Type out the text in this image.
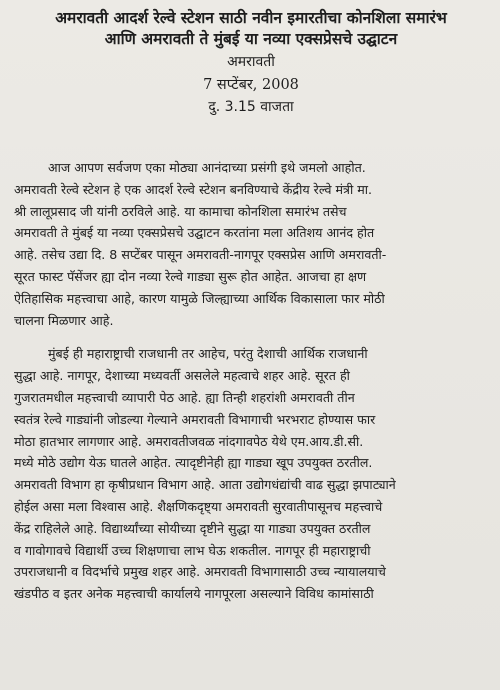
अमरावती आदर्श रेल्वे स्टेशन साठी नवीन इमारतीचा कोनशिला समारंभ

आणि अमरावती ते मुंबई या नव्या एक्सप्रेसचे उद्घाटन

अमरावती

7 सप्टेंबर, 2008

दु. 3.15 वाजता

आज आपण सर्वजण एका मोठ्या आनंदाच्या प्रसंगी इथे जमलो आहोत.
अमरावती रेल्वे स्टेशन हे एक आदर्श रेल्वे स्टेशन बनविण्याचे केंद्रीय रेल्वे मंत्री मा.
श्री लालूप्रसाद जी यांनी ठरविले आहे. या कामाचा कोनशिला समारंभ तसेच
अमरावती ते मुंबई या नव्या एक्सप्रेसचे उद्घाटन करतांना मला अतिशय आनंद होत
आहे. तसेच उद्या दि. 8 सप्टेंबर पासून अमरावती-नागपूर एक्सप्रेस आणि अमरावती-
सूरत फास्ट पॅसेंजर ह्या दोन नव्या रेल्वे गाड्या सुरू होत आहेत. आजचा हा क्षण
ऐतिहासिक महत्त्वाचा आहे, कारण यामुळे जिल्ह्याच्या आर्थिक विकासाला फार मोठी
चालना मिळणार आहे.
मुंबई ही महाराष्ट्राची राजधानी तर आहेच, परंतु देशाची आर्थिक राजधानी
सुद्धा आहे. नागपूर, देशाच्या मध्यवर्ती असलेले महत्वाचे शहर आहे. सूरत ही
गुजरातमधील महत्त्वाची व्यापारी पेठ आहे. ह्या तिन्ही शहरांशी अमरावती तीन
स्वतंत्र रेल्वे गाड्यांनी जोडल्या गेल्याने अमरावती विभागाची भरभराट होण्यास फार
मोठा हातभार लागणार आहे. अमरावतीजवळ नांदगावपेठ येथे एम.आय.डी.सी.
मध्ये मोठे उद्योग येऊ घातले आहेत. त्यादृष्टीनेही ह्या गाड्या खूप उपयुक्त ठरतील.
अमरावती विभाग हा कृषीप्रधान विभाग आहे. आता उद्योगधंद्यांची वाढ सुद्धा झपाट्याने
होईल असा मला विश्वास आहे. शैक्षणिकदृष्ट्या अमरावती सुरवातीपासूनच महत्त्वाचे
केंद्र राहिलेले आहे. विद्यार्थ्यांच्या सोयीच्या दृष्टीने सुद्धा या गाड्या उपयुक्त ठरतील
व गावोगावचे विद्यार्थी उच्च शिक्षणाचा लाभ घेऊ शकतील. नागपूर ही महाराष्ट्राची
उपराजधानी व विदर्भाचे प्रमुख शहर आहे. अमरावती विभागासाठी उच्च न्यायालयाचे
खंडपीठ व इतर अनेक महत्त्वाची कार्यालये नागपूरला असल्याने विविध कामांसाठी
